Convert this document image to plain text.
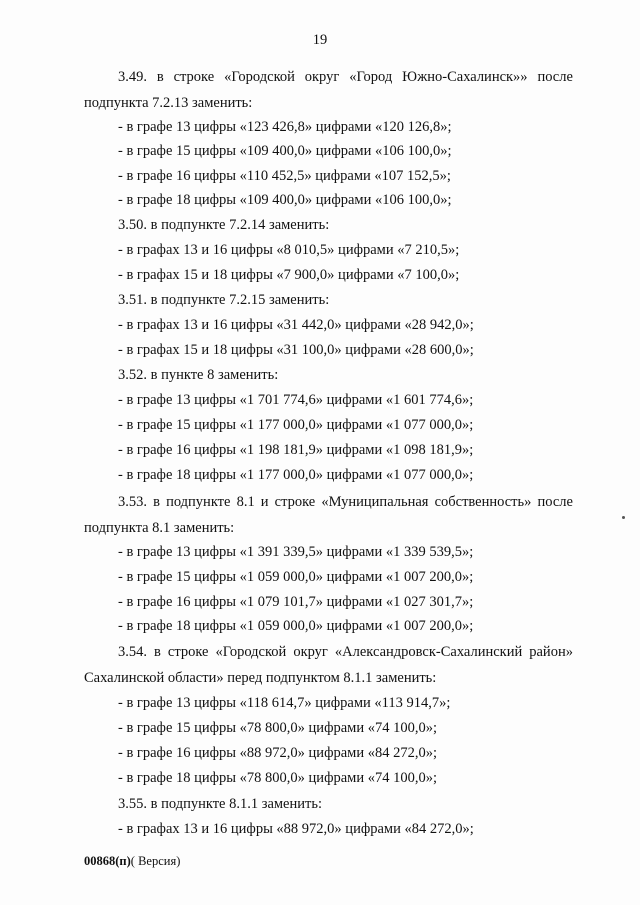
19
3.49. в строке «Городской округ «Город Южно-Сахалинск»» после
подпункта 7.2.13 заменить:
- в графе 13 цифры «123 426,8» цифрами «120 126,8»;
- в графе 15 цифры «109 400,0» цифрами «106 100,0»;
- в графе 16 цифры «110 452,5» цифрами «107 152,5»;
- в графе 18 цифры «109 400,0» цифрами «106 100,0»;
3.50. в подпункте 7.2.14 заменить:
- в графах 13 и 16 цифры «8 010,5» цифрами «7 210,5»;
- в графах 15 и 18 цифры «7 900,0» цифрами «7 100,0»;
3.51. в подпункте 7.2.15 заменить:
- в графах 13 и 16 цифры «31 442,0» цифрами «28 942,0»;
- в графах 15 и 18 цифры «31 100,0» цифрами «28 600,0»;
3.52. в пункте 8 заменить:
- в графе 13 цифры «1 701 774,6» цифрами «1 601 774,6»;
- в графе 15 цифры «1 177 000,0» цифрами «1 077 000,0»;
- в графе 16 цифры «1 198 181,9» цифрами «1 098 181,9»;
- в графе 18 цифры «1 177 000,0» цифрами «1 077 000,0»;
3.53. в подпункте 8.1 и строке «Муниципальная собственность» после
подпункта 8.1 заменить:
- в графе 13 цифры «1 391 339,5» цифрами «1 339 539,5»;
- в графе 15 цифры «1 059 000,0» цифрами «1 007 200,0»;
- в графе 16 цифры «1 079 101,7» цифрами «1 027 301,7»;
- в графе 18 цифры «1 059 000,0» цифрами «1 007 200,0»;
3.54. в строке «Городской округ «Александровск-Сахалинский район»
Сахалинской области» перед подпунктом 8.1.1 заменить:
- в графе 13 цифры «118 614,7» цифрами «113 914,7»;
- в графе 15 цифры «78 800,0» цифрами «74 100,0»;
- в графе 16 цифры «88 972,0» цифрами «84 272,0»;
- в графе 18 цифры «78 800,0» цифрами «74 100,0»;
3.55. в подпункте 8.1.1 заменить:
- в графах 13 и 16 цифры «88 972,0» цифрами «84 272,0»;
00868(п)( Версия)
